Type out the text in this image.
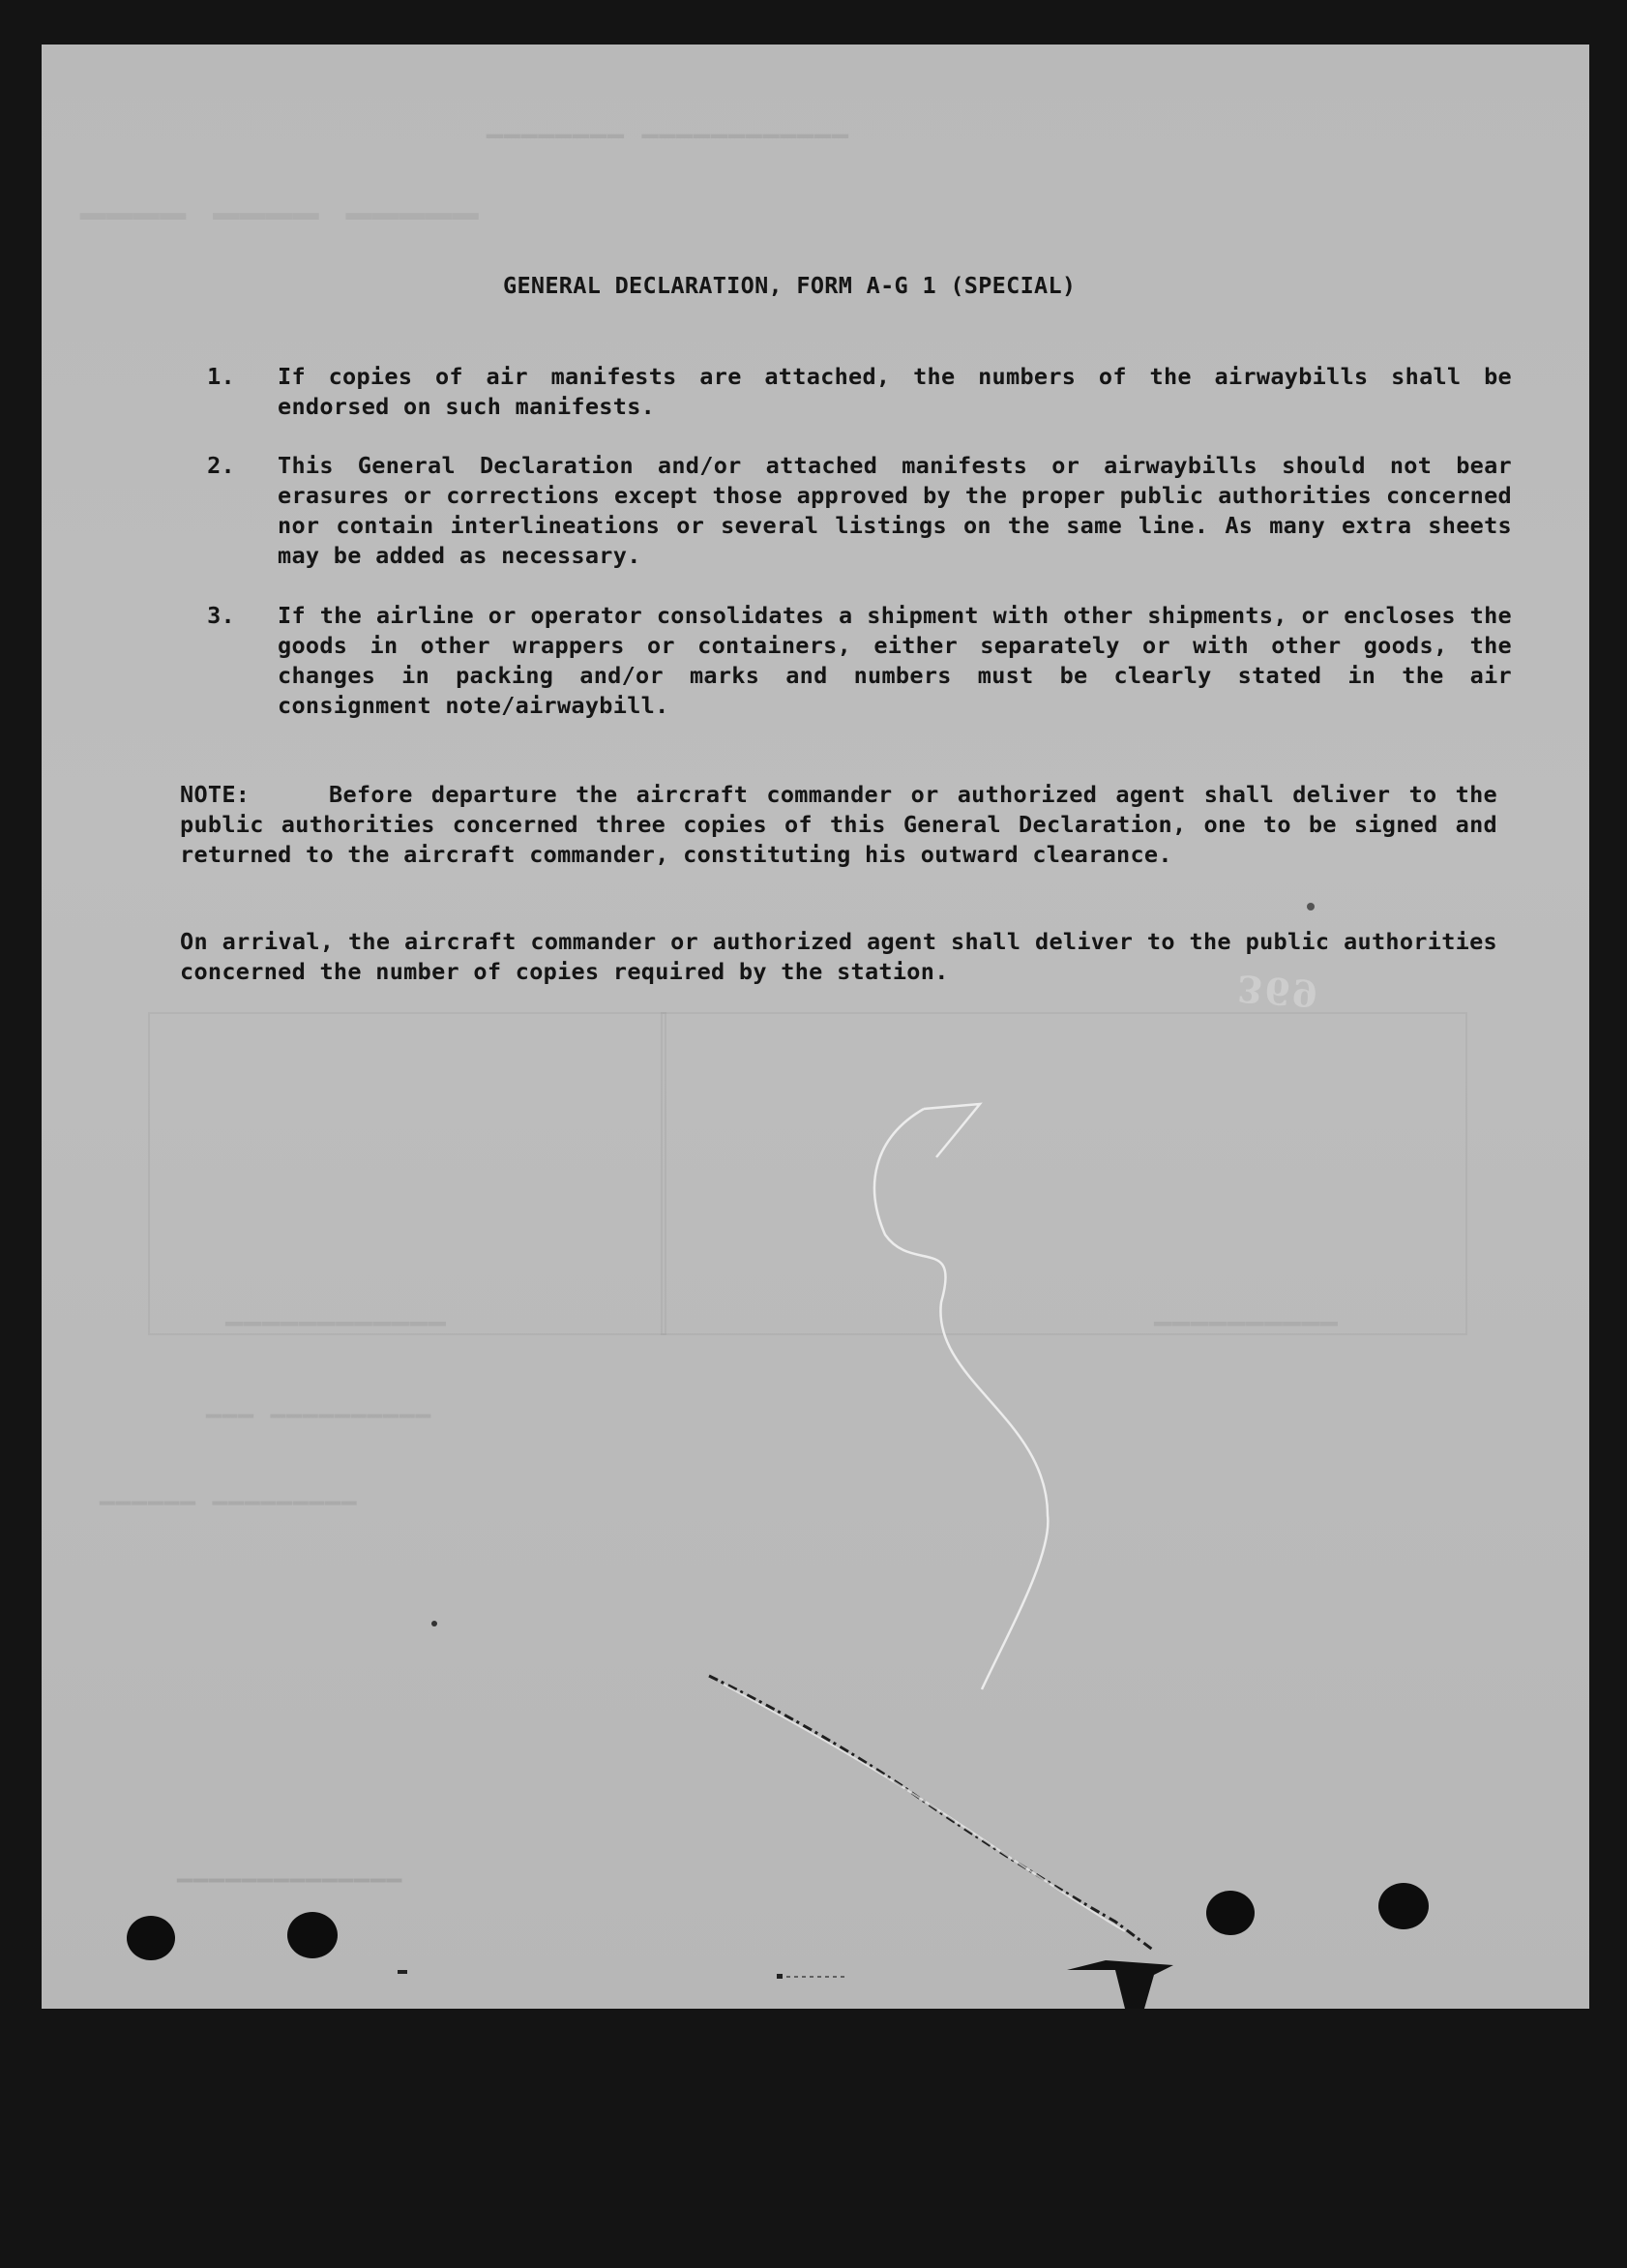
▁▁▁▁▁▁▁▁ ▁▁▁▁▁▁▁▁▁▁▁▁
▁▁▁▁ ▁▁▁▁ ▁▁▁▁▁
▁▁▁▁▁▁▁▁▁▁▁▁
▁▁▁ ▁▁▁▁▁▁▁▁▁▁
▁▁▁▁▁▁ ▁▁▁▁▁▁▁▁▁
▁▁▁▁▁▁▁▁▁▁▁▁▁▁
▁▁▁▁▁▁▁▁▁▁
GENERAL DECLARATION, FORM A-G 1 (SPECIAL)
1. If copies of air manifests are attached, the numbers of the airwaybills shall be endorsed on such manifests.
2. This General Declaration and/or attached manifests or airwaybills should not bear erasures or corrections except those approved by the proper public authorities concerned nor contain interlineations or several listings on the same line. As many extra sheets may be added as necessary.
3. If the airline or operator consolidates a shipment with other shipments, or encloses the goods in other wrappers or containers, either separately or with other goods, the changes in packing and/or marks and numbers must be clearly stated in the air consignment note/airwaybill.
NOTE:	Before departure the aircraft commander or authorized agent shall deliver to the public authorities concerned three copies of this General Declaration, one to be signed and returned to the aircraft commander, constituting his outward clearance.
On arrival, the aircraft commander or authorized agent shall deliver to the public authorities concerned the number of copies required by the station.	369
